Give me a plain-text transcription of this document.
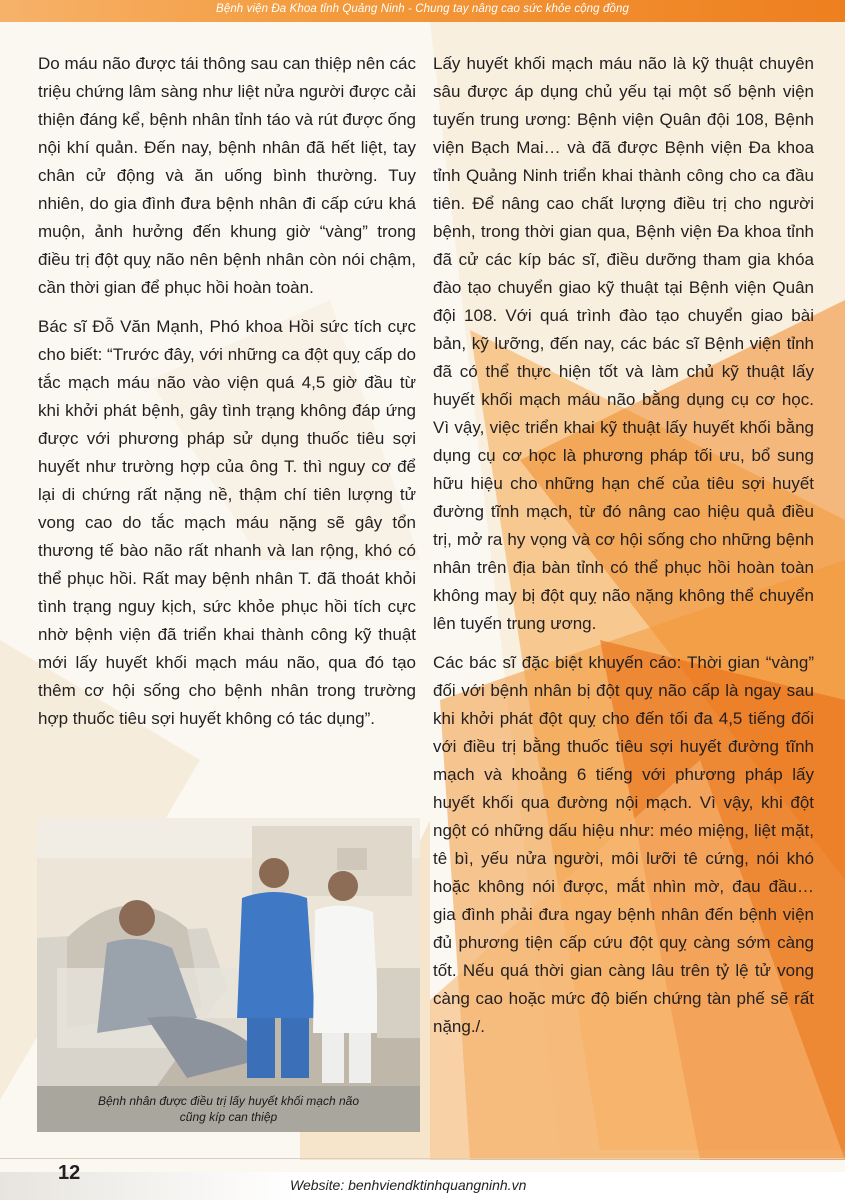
Bệnh viện Đa Khoa tỉnh Quảng Ninh - Chung tay nâng cao sức khỏe cộng đồng

Do máu não được tái thông sau can thiệp nên các triệu chứng lâm sàng như liệt nửa người được cải thiện đáng kể, bệnh nhân tỉnh táo và rút được ống nội khí quản. Đến nay, bệnh nhân đã hết liệt, tay chân cử động và ăn uống bình thường. Tuy nhiên, do gia đình đưa bệnh nhân đi cấp cứu khá muộn, ảnh hưởng đến khung giờ “vàng” trong điều trị đột quỵ não nên bệnh nhân còn nói chậm, cần thời gian để phục hồi hoàn toàn.

Bác sĩ Đỗ Văn Mạnh, Phó khoa Hồi sức tích cực cho biết: “Trước đây, với những ca đột quỵ cấp do tắc mạch máu não vào viện quá 4,5 giờ đầu từ khi khởi phát bệnh, gây tình trạng không đáp ứng được với phương pháp sử dụng thuốc tiêu sợi huyết như trường hợp của ông T. thì nguy cơ để lại di chứng rất nặng nề, thậm chí tiên lượng tử vong cao do tắc mạch máu nặng sẽ gây tổn thương tế bào não rất nhanh và lan rộng, khó có thể phục hồi. Rất may bệnh nhân T. đã thoát khỏi tình trạng nguy kịch, sức khỏe phục hồi tích cực nhờ bệnh viện đã triển khai thành công kỹ thuật mới lấy huyết khối mạch máu não, qua đó tạo thêm cơ hội sống cho bệnh nhân trong trường hợp thuốc tiêu sợi huyết không có tác dụng”.

Lấy huyết khối mạch máu não là kỹ thuật chuyên sâu được áp dụng chủ yếu tại một số bệnh viện tuyến trung ương: Bệnh viện Quân đội 108, Bệnh viện Bạch Mai… và đã được Bệnh viện Đa khoa tỉnh Quảng Ninh triển khai thành công cho ca đầu tiên. Để nâng cao chất lượng điều trị cho người bệnh, trong thời gian qua, Bệnh viện Đa khoa tỉnh đã cử các kíp bác sĩ, điều dưỡng tham gia khóa đào tạo chuyển giao kỹ thuật tại Bệnh viện Quân đội 108. Với quá trình đào tạo chuyển giao bài bản, kỹ lưỡng, đến nay, các bác sĩ Bệnh viện tỉnh đã có thể thực hiện tốt và làm chủ kỹ thuật lấy huyết khối mạch máu não bằng dụng cụ cơ học. Vì vậy, việc triển khai kỹ thuật lấy huyết khối bằng dụng cụ cơ học là phương pháp tối ưu, bổ sung hữu hiệu cho những hạn chế của tiêu sợi huyết đường tĩnh mạch, từ đó nâng cao hiệu quả điều trị, mở ra hy vọng và cơ hội sống cho những bệnh nhân trên địa bàn tỉnh có thể phục hồi hoàn toàn không may bị đột quỵ não nặng không thể chuyển lên tuyến trung ương.

Các bác sĩ đặc biệt khuyến cáo: Thời gian “vàng” đối với bệnh nhân bị đột quỵ não cấp là ngay sau khi khởi phát đột quỵ cho đến tối đa 4,5 tiếng đối với điều trị bằng thuốc tiêu sợi huyết đường tĩnh mạch và khoảng 6 tiếng với phương pháp lấy huyết khối qua đường nội mạch. Vì vậy, khi đột ngột có những dấu hiệu như: méo miệng, liệt mặt, tê bì, yếu nửa người, môi lưỡi tê cứng, nói khó hoặc không nói được, mắt nhìn mờ, đau đầu… gia đình phải đưa ngay bệnh nhân đến bệnh viện đủ phương tiện cấp cứu đột quỵ càng sớm càng tốt. Nếu quá thời gian càng lâu trên tỷ lệ tử vong càng cao hoặc mức độ biến chứng tàn phế sẽ rất nặng./.

Bệnh nhân được điều trị lấy huyết khối mạch não
cũng kíp can thiệp
12
Website: benhviendktinhquangninh.vn
